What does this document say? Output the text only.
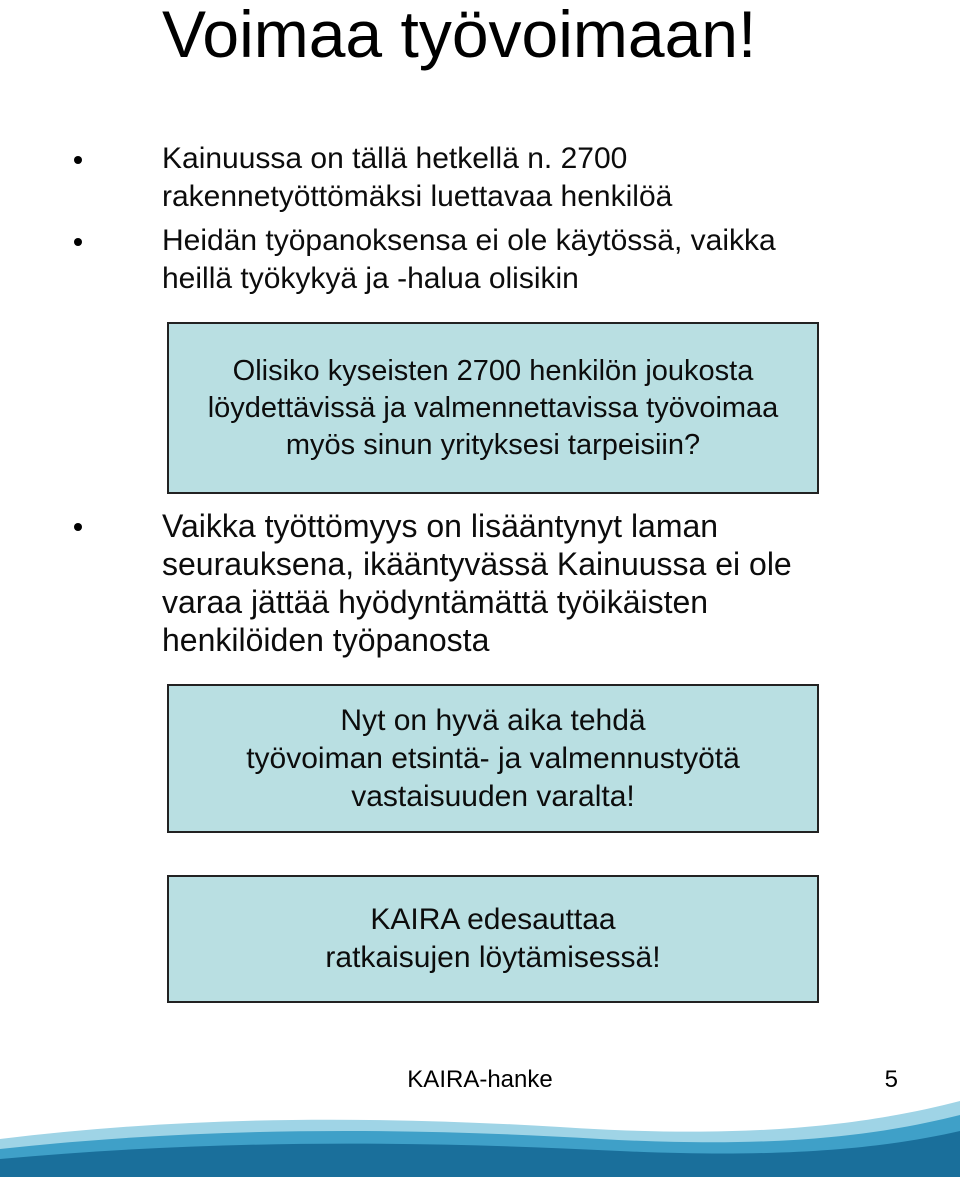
Voimaa työvoimaan!
Kainuussa on tällä hetkellä n. 2700
rakennetyöttömäksi luettavaa henkilöä
Heidän työpanoksensa ei ole käytössä, vaikka
heillä työkykyä ja -halua olisikin
Olisiko kyseisten 2700 henkilön joukosta
löydettävissä ja valmennettavissa työvoimaa
myös sinun yrityksesi tarpeisiin?
Vaikka työttömyys on lisääntynyt laman
seurauksena, ikääntyvässä Kainuussa ei ole
varaa jättää hyödyntämättä työikäisten
henkilöiden työpanosta
Nyt on hyvä aika tehdä
työvoiman etsintä- ja valmennustyötä
vastaisuuden varalta!
KAIRA edesauttaa
ratkaisujen löytämisessä!
KAIRA-hanke	5
